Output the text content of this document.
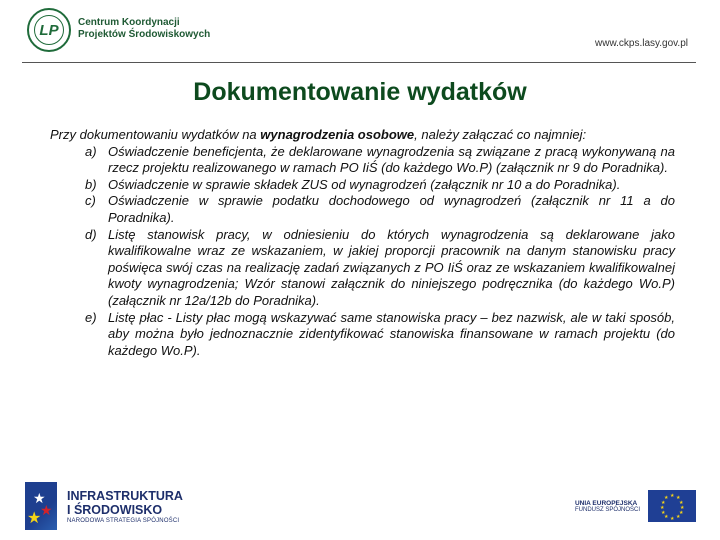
LP	Centrum Koordynacji
Projektów Środowiskowych
www.ckps.lasy.gov.pl
Dokumentowanie wydatków

Przy dokumentowaniu wydatków na wynagrodzenia osobowe, należy załączać co najmniej:

a) Oświadczenie beneficjenta, że deklarowane wynagrodzenia są związane z pracą wykonywaną na rzecz projektu realizowanego w ramach PO IiŚ (do każdego Wo.P) (załącznik nr 9 do Poradnika).
b) Oświadczenie w sprawie składek ZUS od wynagrodzeń (załącznik nr 10 a do Poradnika).
c) Oświadczenie w sprawie podatku dochodowego od wynagrodzeń (załącznik nr 11 a do Poradnika).
d) Listę stanowisk pracy, w odniesieniu do których wynagrodzenia są deklarowane jako kwalifikowalne wraz ze wskazaniem, w jakiej proporcji pracownik na danym stanowisku pracy poświęca swój czas na realizację zadań związanych z PO IiŚ oraz ze wskazaniem kwalifikowalnej kwoty wynagrodzenia; Wzór stanowi załącznik do niniejszego podręcznika (do każdego Wo.P) (załącznik nr 12a/12b do Poradnika).
e) Listę płac - Listy płac mogą wskazywać same stanowiska pracy – bez nazwisk, ale w taki sposób, aby można było jednoznacznie zidentyfikować stanowiska finansowane w ramach projektu (do każdego Wo.P).
★
★
★
INFRASTRUKTURA
I ŚRODOWISKO
NARODOWA STRATEGIA SPÓJNOŚCI
UNIA EUROPEJSKA
FUNDUSZ SPÓJNOŚCI
★ ★
★
★
★
★
★
★
★
★
★
★
